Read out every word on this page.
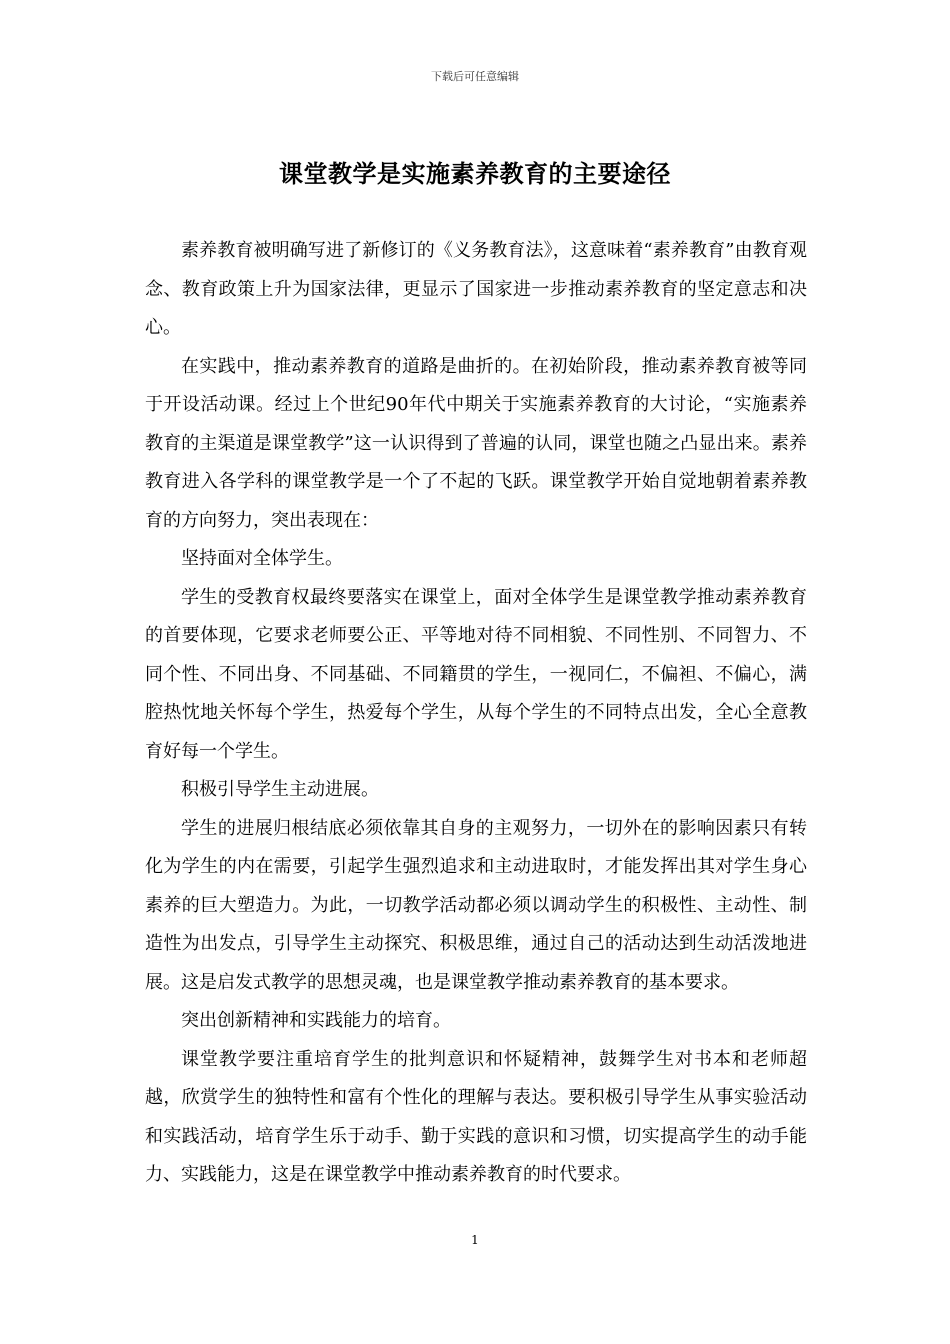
下载后可任意编辑
课堂教学是实施素养教育的主要途径

素养教育被明确写进了新修订的《义务教育法》，这意味着“素养教育”由教育观念、教育政策上升为国家法律，更显示了国家进一步推动素养教育的坚定意志和决心。

在实践中，推动素养教育的道路是曲折的。在初始阶段，推动素养教育被等同于开设活动课。经过上个世纪90年代中期关于实施素养教育的大讨论，“实施素养教育的主渠道是课堂教学”这一认识得到了普遍的认同，课堂也随之凸显出来。素养教育进入各学科的课堂教学是一个了不起的飞跃。课堂教学开始自觉地朝着素养教育的方向努力，突出表现在：

坚持面对全体学生。

学生的受教育权最终要落实在课堂上，面对全体学生是课堂教学推动素养教育的首要体现，它要求老师要公正、平等地对待不同相貌、不同性别、不同智力、不同个性、不同出身、不同基础、不同籍贯的学生，一视同仁，不偏袒、不偏心，满腔热忱地关怀每个学生，热爱每个学生，从每个学生的不同特点出发，全心全意教育好每一个学生。

积极引导学生主动进展。

学生的进展归根结底必须依靠其自身的主观努力，一切外在的影响因素只有转化为学生的内在需要，引起学生强烈追求和主动进取时，才能发挥出其对学生身心素养的巨大塑造力。为此，一切教学活动都必须以调动学生的积极性、主动性、制造性为出发点，引导学生主动探究、积极思维，通过自己的活动达到生动活泼地进展。这是启发式教学的思想灵魂，也是课堂教学推动素养教育的基本要求。

突出创新精神和实践能力的培育。

课堂教学要注重培育学生的批判意识和怀疑精神，鼓舞学生对书本和老师超越，欣赏学生的独特性和富有个性化的理解与表达。要积极引导学生从事实验活动和实践活动，培育学生乐于动手、勤于实践的意识和习惯，切实提高学生的动手能力、实践能力，这是在课堂教学中推动素养教育的时代要求。

1
